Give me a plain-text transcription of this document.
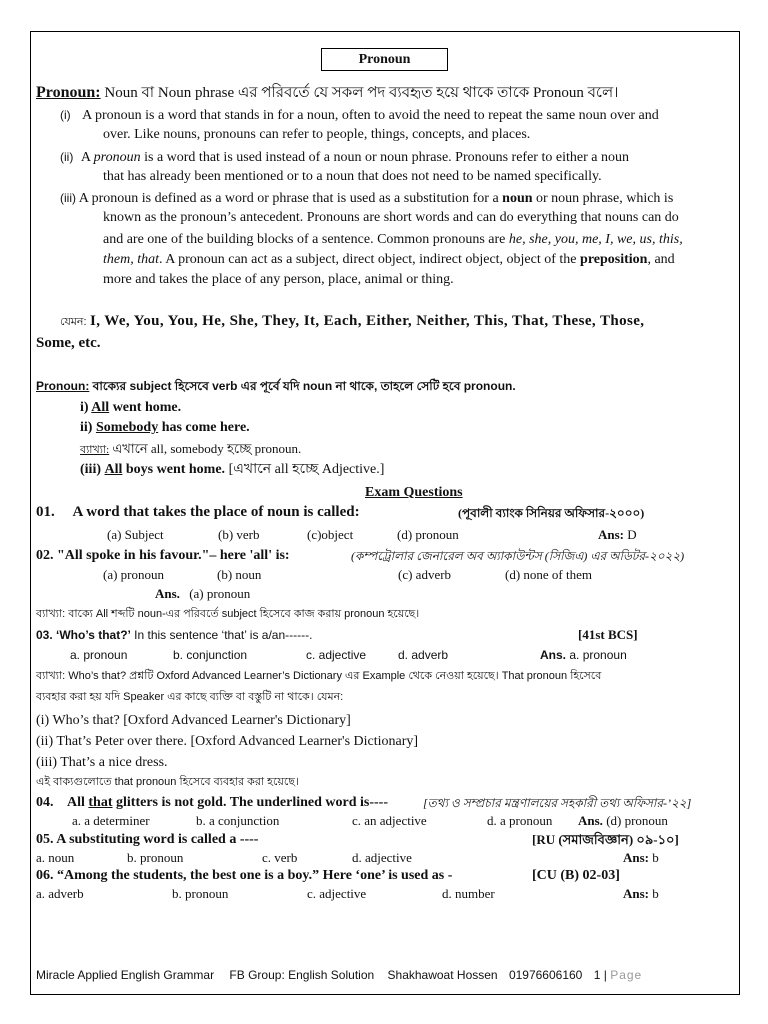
Pronoun
Pronoun: Noun বা Noun phrase এর পরিবর্তে যে সকল পদ ব্যবহৃত হয়ে থাকে তাকে Pronoun বলে।
(i) A pronoun is a word that stands in for a noun, often to avoid the need to repeat the same noun over and
over. Like nouns, pronouns can refer to people, things, concepts, and places.
(ii) A pronoun is a word that is used instead of a noun or noun phrase. Pronouns refer to either a noun
that has already been mentioned or to a noun that does not need to be named specifically.
(iii) A pronoun is defined as a word or phrase that is used as a substitution for a noun or noun phrase, which is
known as the pronoun’s antecedent. Pronouns are short words and can do everything that nouns can do
and are one of the building blocks of a sentence. Common pronouns are he, she, you, me, I, we, us, this,
them, that. A pronoun can act as a subject, direct object, indirect object, object of the preposition, and
more and takes the place of any person, place, animal or thing.
যেমন: I, We, You, You, He, She, They, It, Each, Either, Neither, This, That, These, Those,
Some, etc.
Pronoun: বাক্যের subject হিসেবে verb এর পূর্বে যদি noun না থাকে, তাহলে সেটি হবে pronoun.
i) All went home.
ii) Somebody has come here.
ব্যাখ্যা: এখানে all, somebody হচ্ছে pronoun.
(iii) All boys went home. [এখানে all হচ্ছে Adjective.]
Exam Questions
01. A word that takes the place of noun is called:	(পূবালী ব্যাংক সিনিয়র অফিসার-২০০০)
(a) Subject	(b) verb	(c)object	(d) pronoun	Ans: D
02. "All spoke in his favour."– here 'all' is:	(কম্পট্রোলার জেনারেল অব অ্যাকাউন্টস (সিজিএ) এর অডিটর-২০২২)
(a) pronoun	(b) noun	(c) adverb	(d) none of them
Ans. (a) pronoun
ব্যাখ্যা: বাক্যে All শব্দটি noun-এর পরিবর্তে subject হিসেবে কাজ করায় pronoun হয়েছে।
03. ‘Who’s that?’ In this sentence ‘that’ is a/an------.	[41st BCS]
a. pronoun	b. conjunction	c. adjective	d. adverb	Ans. a. pronoun
ব্যাখ্যা: Who’s that? প্রশ্নটি Oxford Advanced Learner’s Dictionary এর Example থেকে নেওয়া হয়েছে। That pronoun হিসেবে
ব্যবহার করা হয় যদি Speaker এর কাছে ব্যক্তি বা বস্তুটি না থাকে। যেমন:
(i) Who’s that? [Oxford Advanced Learner's Dictionary]
(ii) That’s Peter over there. [Oxford Advanced Learner's Dictionary]
(iii) That’s a nice dress.
এই বাক্যগুলোতে that pronoun হিসেবে ব্যবহার করা হয়েছে।
04. All that glitters is not gold. The underlined word is----	[তথ্য ও সম্প্রচার মন্ত্রণালয়ের সহকারী তথ্য অফিসার-’২২]
a. a determiner	b. a conjunction	c. an adjective	d. a pronoun Ans. (d) pronoun
05. A substituting word is called a ----	[RU (সমাজবিজ্ঞান) ০৯-১০]
a. noun	b. pronoun	c. verb	d. adjective	Ans: b
06. “Among the students, the best one is a boy.” Here ‘one’ is used as -	[CU (B) 02-03]
a. adverb	b. pronoun	c. adjective	d. number	Ans: b
Miracle Applied English Grammar FB Group: English Solution Shakhawoat Hossen 01976606160 1 | Page
